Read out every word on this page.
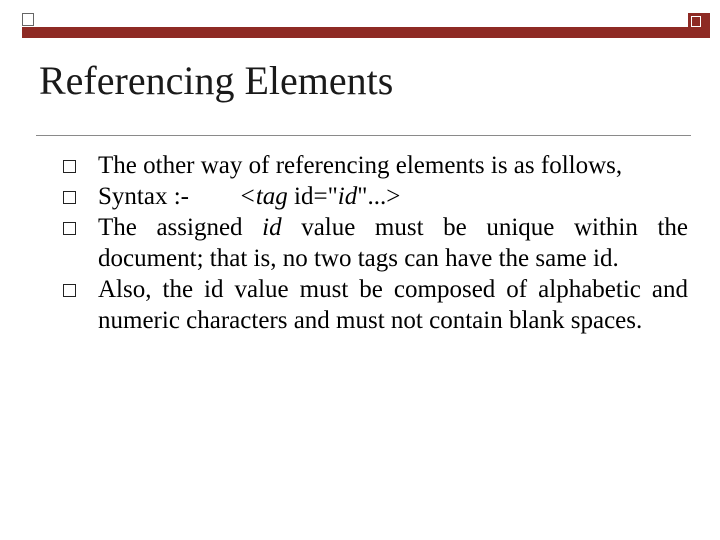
Referencing Elements
The other way of referencing elements is as follows,
Syntax :- <tag id="id"...>
The assigned id value must be unique within the document; that is, no two tags can have the same id.
Also, the id value must be composed of alphabetic and numeric characters and must not contain blank spaces.
